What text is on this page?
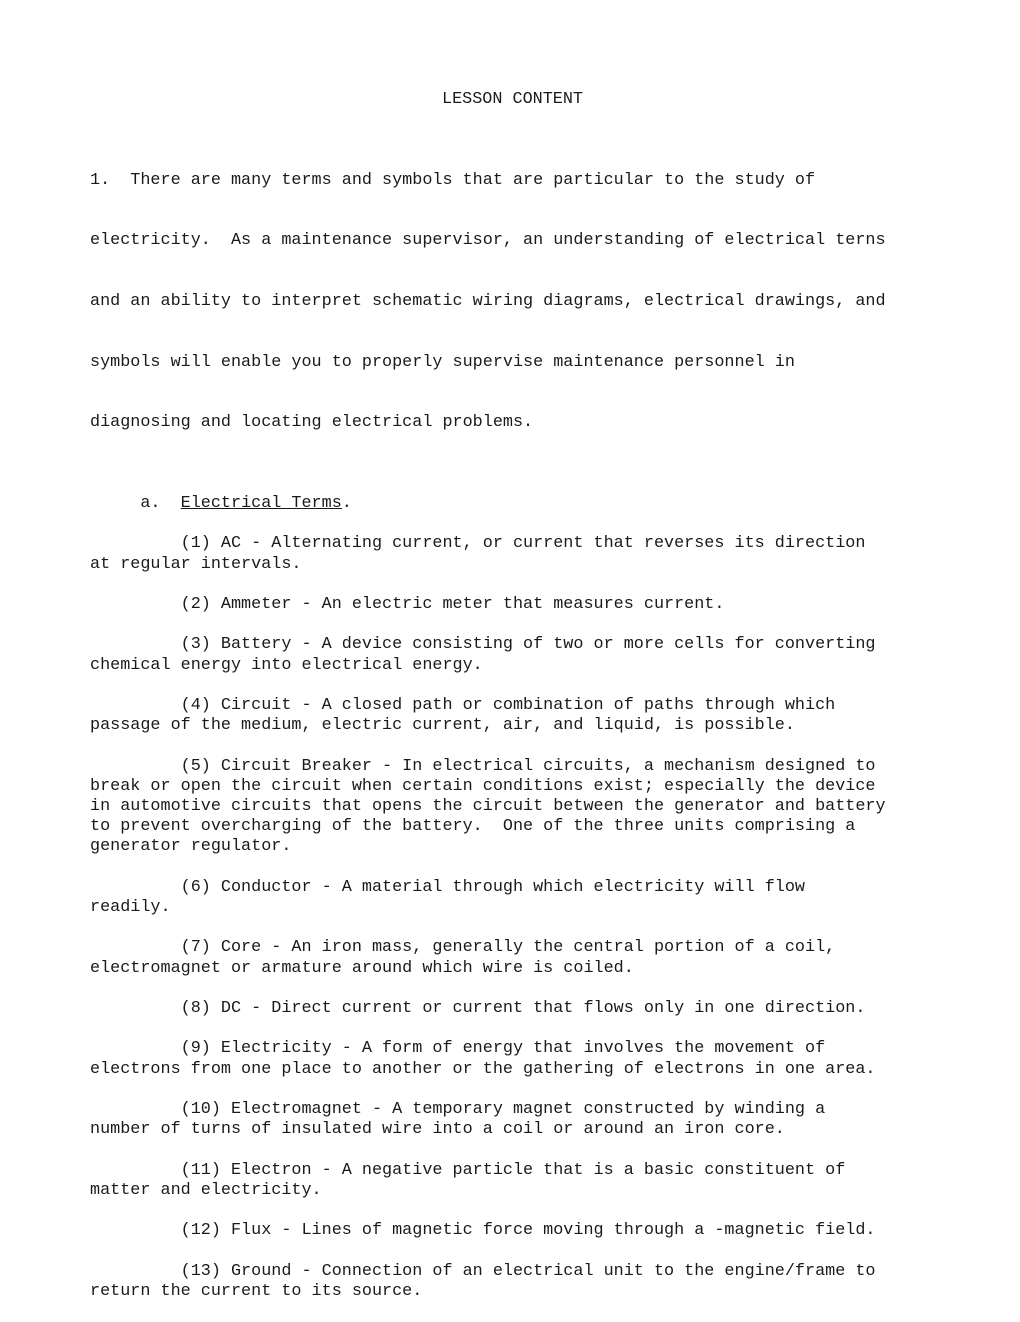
LESSON CONTENT

1.  There are many terms and symbols that are particular to the study of

electricity.  As a maintenance supervisor, an understanding of electrical terns

and an ability to interpret schematic wiring diagrams, electrical drawings, and

symbols will enable you to properly supervise maintenance personnel in

diagnosing and locating electrical problems.

a.  Electrical Terms.
(1) AC - Alternating current, or current that reverses its direction
at regular intervals.
(2) Ammeter - An electric meter that measures current.
(3) Battery - A device consisting of two or more cells for converting
chemical energy into electrical energy.
(4) Circuit - A closed path or combination of paths through which
passage of the medium, electric current, air, and liquid, is possible.
(5) Circuit Breaker - In electrical circuits, a mechanism designed to
break or open the circuit when certain conditions exist; especially the device
in automotive circuits that opens the circuit between the generator and battery
to prevent overcharging of the battery.  One of the three units comprising a
generator regulator.
(6) Conductor - A material through which electricity will flow
readily.
(7) Core - An iron mass, generally the central portion of a coil,
electromagnet or armature around which wire is coiled.
(8) DC - Direct current or current that flows only in one direction.
(9) Electricity - A form of energy that involves the movement of
electrons from one place to another or the gathering of electrons in one area.
(10) Electromagnet - A temporary magnet constructed by winding a
number of turns of insulated wire into a coil or around an iron core.
(11) Electron - A negative particle that is a basic constituent of
matter and electricity.
(12) Flux - Lines of magnetic force moving through a -magnetic field.
(13) Ground - Connection of an electrical unit to the engine/frame to
return the current to its source.
